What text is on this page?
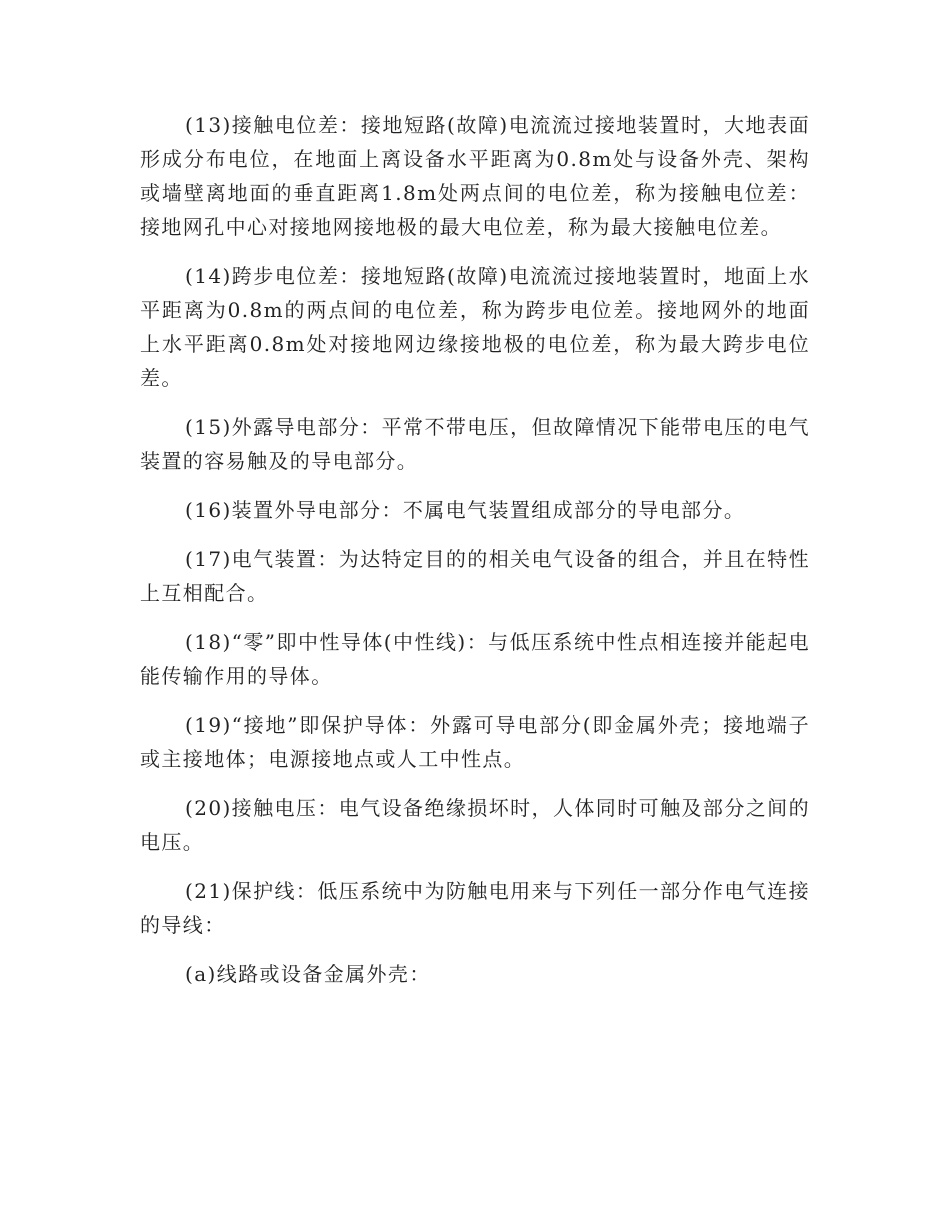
(13)接触电位差：接地短路(故障)电流流过接地装置时，大地表面形成分布电位，在地面上离设备水平距离为0.8m处与设备外壳、架构或墙壁离地面的垂直距离1.8m处两点间的电位差，称为接触电位差：接地网孔中心对接地网接地极的最大电位差，称为最大接触电位差。

(14)跨步电位差：接地短路(故障)电流流过接地装置时，地面上水平距离为0.8m的两点间的电位差，称为跨步电位差。接地网外的地面上水平距离0.8m处对接地网边缘接地极的电位差，称为最大跨步电位差。

(15)外露导电部分：平常不带电压，但故障情况下能带电压的电气装置的容易触及的导电部分。

(16)装置外导电部分：不属电气装置组成部分的导电部分。

(17)电气装置：为达特定目的的相关电气设备的组合，并且在特性上互相配合。

(18)“零”即中性导体(中性线)：与低压系统中性点相连接并能起电能传输作用的导体。

(19)“接地”即保护导体：外露可导电部分(即金属外壳；接地端子或主接地体；电源接地点或人工中性点。

(20)接触电压：电气设备绝缘损坏时，人体同时可触及部分之间的电压。

(21)保护线：低压系统中为防触电用来与下列任一部分作电气连接的导线：

(a)线路或设备金属外壳：
